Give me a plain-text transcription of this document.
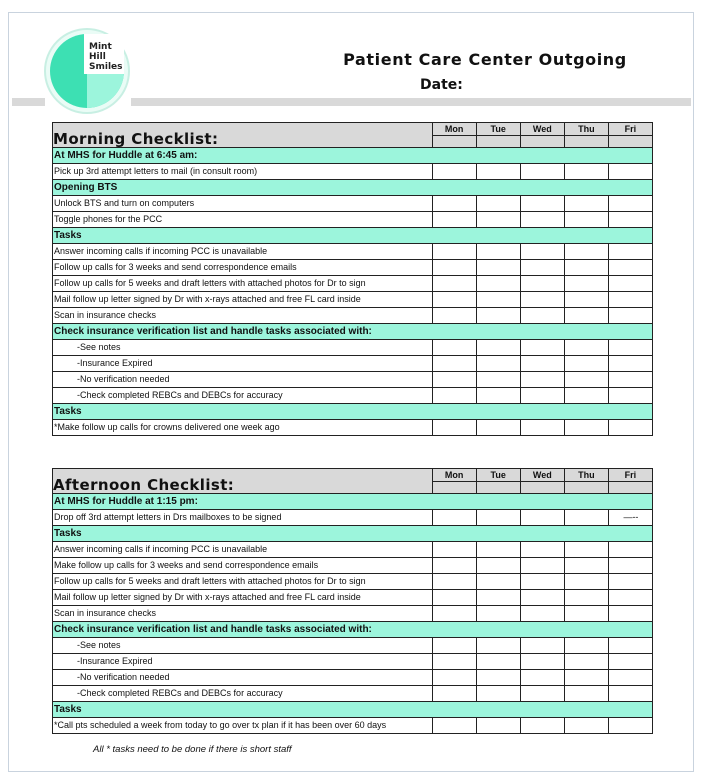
Mint
Hill
Smiles	Patient Care Center Outgoing
Date:
Morning Checklist:	Mon	Tue	Wed	Thu	Fri

At MHS for Huddle at 6:45 am:					
Pick up 3rd attempt letters to mail (in consult room)					
Opening BTS					
Unlock BTS and turn on computers					
Toggle phones for the PCC					
Tasks					
Answer incoming calls if incoming PCC is unavailable					
Follow up calls for 3 weeks and send correspondence emails					
Follow up calls for 5 weeks and draft letters with attached photos for Dr to sign					
Mail follow up letter signed by Dr with x-rays attached and free FL card inside					
Scan in insurance checks					
Check insurance verification list and handle tasks associated with:					
-See notes					
-Insurance Expired					
-No verification needed					
-Check completed REBCs and DEBCs for accuracy					
Tasks					
*Make follow up calls for crowns delivered one week ago					
Afternoon Checklist:	Mon	Tue	Wed	Thu	Fri

At MHS for Huddle at 1:15 pm:					
Drop off 3rd attempt letters in Drs mailboxes to be signed					—--
Tasks					
Answer incoming calls if incoming PCC is unavailable					
Make follow up calls for 3 weeks and send correspondence emails					
Follow up calls for 5 weeks and draft letters with attached photos for Dr to sign					
Mail follow up letter signed by Dr with x-rays attached and free FL card inside					
Scan in insurance checks					
Check insurance verification list and handle tasks associated with:					
-See notes					
-Insurance Expired					
-No verification needed					
-Check completed REBCs and DEBCs for accuracy					
Tasks					
*Call pts scheduled a week from today to go over tx plan if it has been over 60 days					
All * tasks need to be done if there is short staff
